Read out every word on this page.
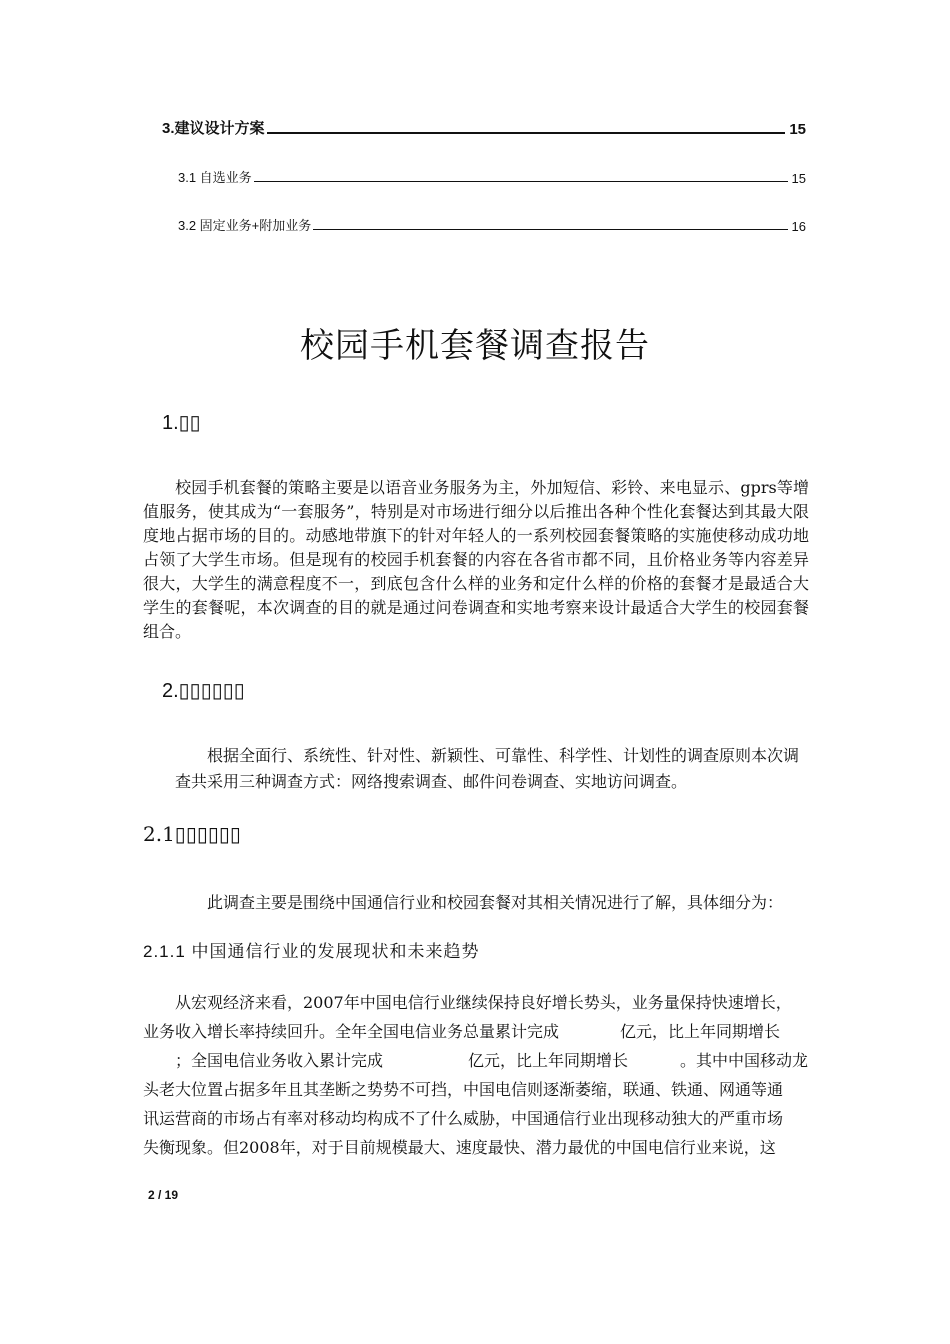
3.建议设计方案	15
3.1 自选业务	15
3.2 固定业务+附加业务	16
校园手机套餐调查报告
1.▯▯
校园手机套餐的策略主要是以语音业务服务为主，外加短信、彩铃、来电显示、gprs等增值服务，使其成为“一套服务”，特别是对市场进行细分以后推出各种个性化套餐达到其最大限度地占据市场的目的。动感地带旗下的针对年轻人的一系列校园套餐策略的实施使移动成功地占领了大学生市场。但是现有的校园手机套餐的内容在各省市都不同，且价格业务等内容差异很大，大学生的满意程度不一，到底包含什么样的业务和定什么样的价格的套餐才是最适合大学生的套餐呢，本次调查的目的就是通过问卷调查和实地考察来设计最适合大学生的校园套餐组合。
2.▯▯▯▯▯▯
根据全面行、系统性、针对性、新颖性、可靠性、科学性、计划性的调查原则本次调查共采用三种调查方式：网络搜索调查、邮件问卷调查、实地访问调查。
2.1▯▯▯▯▯▯
此调查主要是围绕中国通信行业和校园套餐对其相关情况进行了解，具体细分为：
2.1.1 中国通信行业的发展现状和未来趋势
从宏观经济来看，2007年中国电信行业继续保持良好增长势头，业务量保持快速增长，
业务收入增长率持续回升。全年全国电信业务总量累计完成	亿元，比上年同期增长
；全国电信业务收入累计完成	亿元，比上年同期增长	。其中中国移动龙
头老大位置占据多年且其垄断之势势不可挡，中国电信则逐渐萎缩，联通、铁通、网通等通
讯运营商的市场占有率对移动均构成不了什么威胁，中国通信行业出现移动独大的严重市场
失衡现象。但2008年，对于目前规模最大、速度最快、潜力最优的中国电信行业来说，这
2 / 19
